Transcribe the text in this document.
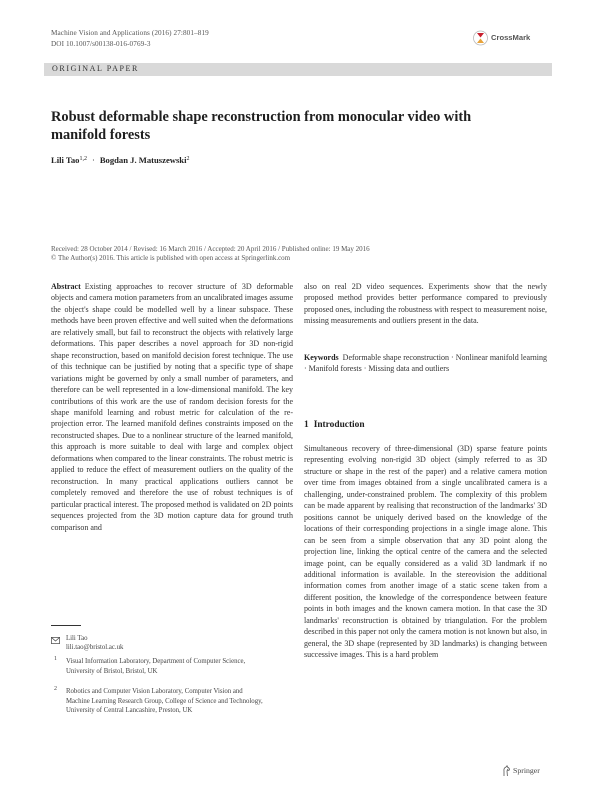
Machine Vision and Applications (2016) 27:801–819
DOI 10.1007/s00138-016-0769-3
CrossMark
ORIGINAL PAPER
Robust deformable shape reconstruction from monocular video with manifold forests
Lili Tao$^{1,2}$ · Bogdan J. Matuszewski$^2$
Received: 28 October 2014 / Revised: 16 March 2016 / Accepted: 20 April 2016 / Published online: 19 May 2016
© The Author(s) 2016. This article is published with open access at Springerlink.com
Abstract Existing approaches to recover structure of 3D deformable objects and camera motion parameters from an uncalibrated images assume the object's shape could be modelled well by a linear subspace. These methods have been proven effective and well suited when the deformations are relatively small, but fail to reconstruct the objects with relatively large deformations. This paper describes a novel approach for 3D non-rigid shape reconstruction, based on manifold decision forest technique. The use of this technique can be justified by noting that a specific type of shape variations might be governed by only a small number of parameters, and therefore can be well represented in a low-dimensional manifold. The key contributions of this work are the use of random decision forests for the shape manifold learning and robust metric for calculation of the re-projection error. The learned manifold defines constraints imposed on the reconstructed shapes. Due to a nonlinear structure of the learned manifold, this approach is more suitable to deal with large and complex object deformations when compared to the linear constraints. The robust metric is applied to reduce the effect of measurement outliers on the quality of the reconstruction. In many practical applications outliers cannot be completely removed and therefore the use of robust techniques is of particular practical interest. The proposed method is validated on 2D points sequences projected from the 3D motion capture data for ground truth comparison and
also on real 2D video sequences. Experiments show that the newly proposed method provides better performance compared to previously proposed ones, including the robustness with respect to measurement noise, missing measurements and outliers present in the data.
Keywords Deformable shape reconstruction · Nonlinear manifold learning · Manifold forests · Missing data and outliers
1 Introduction
Simultaneous recovery of three-dimensional (3D) sparse feature points representing evolving non-rigid 3D object (simply referred to as 3D structure or shape in the rest of the paper) and a relative camera motion over time from images obtained from a single uncalibrated camera is a challenging, under-constrained problem. The complexity of this problem can be made apparent by realising that reconstruction of the landmarks' 3D positions cannot be uniquely derived based on the knowledge of the locations of their corresponding projections in a single image alone. This can be seen from a simple observation that any 3D point along the projection line, linking the optical centre of the camera and the selected image point, can be equally considered as a valid 3D landmark if no additional information is available. In the stereovision the additional information comes from another image of a static scene taken from a different position, the knowledge of the correspondence between feature points in both images and the known camera motion. In that case the 3D landmarks' reconstruction is obtained by triangulation. For the problem described in this paper not only the camera motion is not known but also, in general, the 3D shape (represented by 3D landmarks) is changing between successive images. This is a hard problem
Lili Tao
lili.tao@bristol.ac.uk
1 Visual Information Laboratory, Department of Computer Science, University of Bristol, Bristol, UK
2 Robotics and Computer Vision Laboratory, Computer Vision and Machine Learning Research Group, College of Science and Technology, University of Central Lancashire, Preston, UK
Springer
